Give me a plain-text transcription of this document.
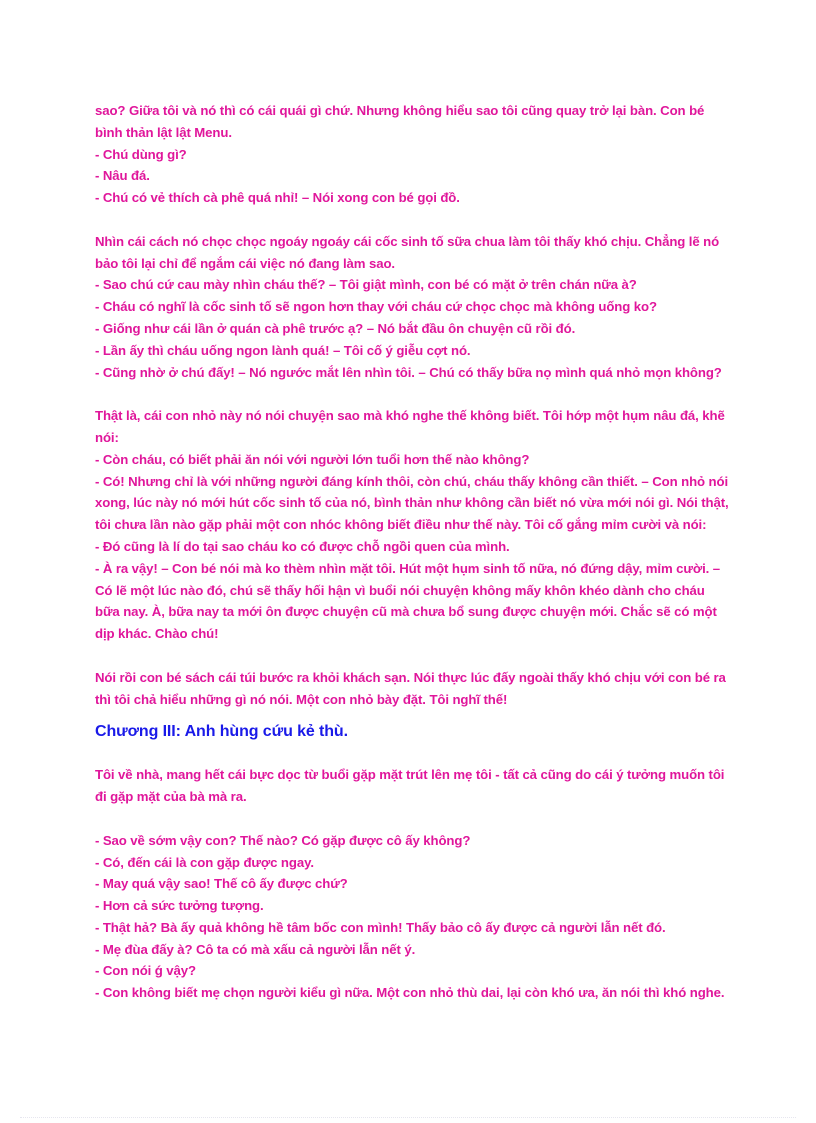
sao? Giữa tôi và nó thì có cái quái gì chứ. Nhưng không hiểu sao tôi cũng quay trở lại bàn. Con bé bình thản lật lật Menu.

- Chú dùng gì?

- Nâu đá.

- Chú có vẻ thích cà phê quá nhỉ! – Nói xong con bé gọi đồ.

Nhìn cái cách nó chọc chọc ngoáy ngoáy cái cốc sinh tố sữa chua làm tôi thấy khó chịu. Chẳng lẽ nó bảo tôi lại chỉ để ngắm cái việc nó đang làm sao.

- Sao chú cứ cau mày nhìn cháu thế? – Tôi giật mình, con bé có mặt ở trên chán nữa à?

- Cháu có nghĩ là cốc sinh tố sẽ ngon hơn thay với cháu cứ chọc chọc mà không uống ko?

- Giống như cái lần ở quán cà phê trước ạ? – Nó bắt đầu ôn chuyện cũ rồi đó.

- Lần ấy thì cháu uống ngon lành quá! – Tôi cố ý giễu cợt nó.

- Cũng nhờ ở chú đấy! – Nó ngước mắt lên nhìn tôi. – Chú có thấy bữa nọ mình quá nhỏ mọn không?

Thật là, cái con nhỏ này nó nói chuyện sao mà khó nghe thế không biết. Tôi hớp một hụm nâu đá, khẽ nói:

- Còn cháu, có biết phải ăn nói với người lớn tuổi hơn thế nào không?

- Có! Nhưng chỉ là với những người đáng kính thôi, còn chú, cháu thấy không cần thiết. – Con nhỏ nói xong, lúc này nó mới hút cốc sinh tố của nó, bình thản như không cần biết nó vừa mới nói gì. Nói thật, tôi chưa lần nào gặp phải một con nhóc không biết điều như thế này. Tôi cố gắng mỉm cười và nói:

- Đó cũng là lí do tại sao cháu ko có được chỗ ngồi quen của mình.

- À ra vậy! – Con bé nói mà ko thèm nhìn mặt tôi. Hút một hụm sinh tố nữa, nó đứng dậy, mỉm cười. – Có lẽ một lúc nào đó, chú sẽ thấy hối hận vì buổi nói chuyện không mấy khôn khéo dành cho cháu bữa nay. À, bữa nay ta mới ôn được chuyện cũ mà chưa bổ sung được chuyện mới. Chắc sẽ có một dịp khác. Chào chú!

Nói rồi con bé sách cái túi bước ra khỏi khách sạn. Nói thực lúc đấy ngoài thấy khó chịu với con bé ra thì tôi chả hiểu những gì nó nói. Một con nhỏ bày đặt. Tôi nghĩ thế!

Chương III: Anh hùng cứu kẻ thù.

Tôi về nhà, mang hết cái bực dọc từ buổi gặp mặt trút lên mẹ tôi - tất cả cũng do cái ý tưởng muốn tôi đi gặp mặt của bà mà ra.

- Sao về sớm vậy con? Thế nào? Có gặp được cô ấy không?

- Có, đến cái là con gặp được ngay.

- May quá vậy sao! Thế cô ấy được chứ?

- Hơn cả sức tưởng tượng.

- Thật hả? Bà ấy quả không hề tâm bốc con mình! Thấy bảo cô ấy được cả người lẫn nết đó.

- Mẹ đùa đấy à? Cô ta có mà xấu cả người lẫn nết ý.

- Con nói ǵ vậy?

- Con không biết mẹ chọn người kiểu gì nữa. Một con nhỏ thù dai, lại còn khó ưa, ăn nói thì khó nghe.
